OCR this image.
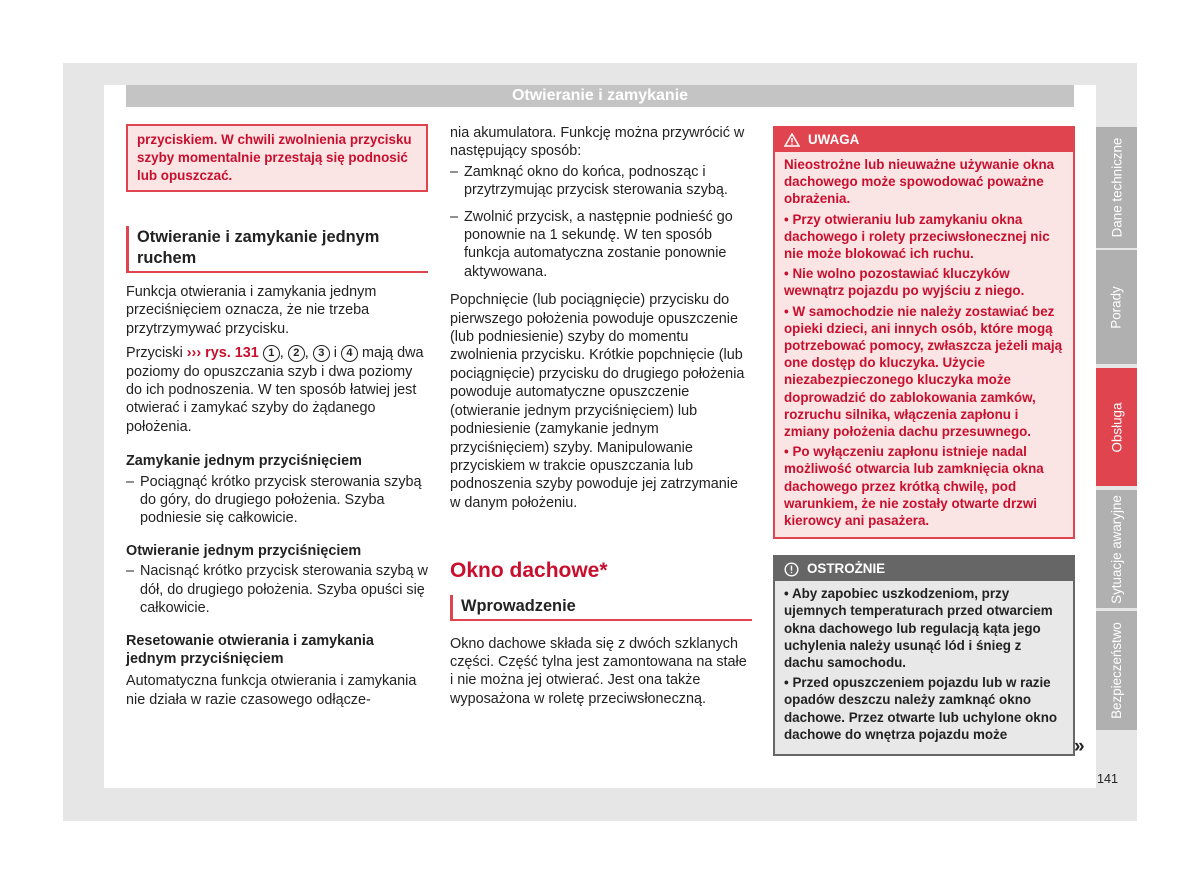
Otwieranie i zamykanie
przyciskiem. W chwili zwolnienia przycisku szyby momentalnie przestają się podnosić lub opuszczać.
Otwieranie i zamykanie jednym ruchem

Funkcja otwierania i zamykania jednym przeciśnięciem oznacza, że nie trzeba przytrzymywać przycisku.

Przyciski ››› rys. 131 1 , 2 , 3 i 4 mają dwa poziomy do opuszczania szyb i dwa poziomy do ich podnoszenia. W ten sposób łatwiej jest otwierać i zamykać szyby do żądanego położenia.

Zamykanie jednym przyciśnięciem
– Pociągnąć krótko przycisk sterowania szybą do góry, do drugiego położenia. Szyba podniesie się całkowicie.
Otwieranie jednym przyciśnięciem
– Nacisnąć krótko przycisk sterowania szybą w dół, do drugiego położenia. Szyba opuści się całkowicie.
Resetowanie otwierania i zamykania jednym przyciśnięciem

Automatyczna funkcja otwierania i zamykania nie działa w razie czasowego odłącze-

nia akumulatora. Funkcję można przywrócić w następujący sposób:

– Zamknąć okno do końca, podnosząc i przytrzymując przycisk sterowania szybą.
– Zwolnić przycisk, a następnie podnieść go ponownie na 1 sekundę. W ten sposób funkcja automatyczna zostanie ponownie aktywowana.

Popchnięcie (lub pociągnięcie) przycisku do pierwszego położenia powoduje opuszczenie (lub podniesienie) szyby do momentu zwolnienia przycisku. Krótkie popchnięcie (lub pociągnięcie) przycisku do drugiego położenia powoduje automatyczne opuszczenie (otwieranie jednym przyciśnięciem) lub podniesienie (zamykanie jednym przyciśnięciem) szyby. Manipulowanie przyciskiem w trakcie opuszczania lub podnoszenia szyby powoduje jej zatrzymanie w danym położeniu.

Okno dachowe*
Wprowadzenie

Okno dachowe składa się z dwóch szklanych części. Część tylna jest zamontowana na stałe i nie można jej otwierać. Jest ona także wyposażona w roletę przeciwsłoneczną.

UWAGA

Nieostrożne lub nieuważne używanie okna dachowego może spowodować poważne obrażenia.

• Przy otwieraniu lub zamykaniu okna dachowego i rolety przeciwsłonecznej nic nie może blokować ich ruchu.

• Nie wolno pozostawiać kluczyków wewnątrz pojazdu po wyjściu z niego.

• W samochodzie nie należy zostawiać bez opieki dzieci, ani innych osób, które mogą potrzebować pomocy, zwłaszcza jeżeli mają one dostęp do kluczyka. Użycie niezabezpieczonego kluczyka może doprowadzić do zablokowania zamków, rozruchu silnika, włączenia zapłonu i zmiany położenia dachu przesuwnego.

• Po wyłączeniu zapłonu istnieje nadal możliwość otwarcia lub zamknięcia okna dachowego przez krótką chwilę, pod warunkiem, że nie zostały otwarte drzwi kierowcy ani pasażera.

OSTROŻNIE

• Aby zapobiec uszkodzeniom, przy ujemnych temperaturach przed otwarciem okna dachowego lub regulacją kąta jego uchylenia należy usunąć lód i śnieg z dachu samochodu.

• Przed opuszczeniem pojazdu lub w razie opadów deszczu należy zamknąć okno dachowe. Przez otwarte lub uchylone okno dachowe do wnętrza pojazdu może

Dane techniczne
Porady
Obsługa
Sytuacje awaryjne
Bezpieczeństwo
»
141
